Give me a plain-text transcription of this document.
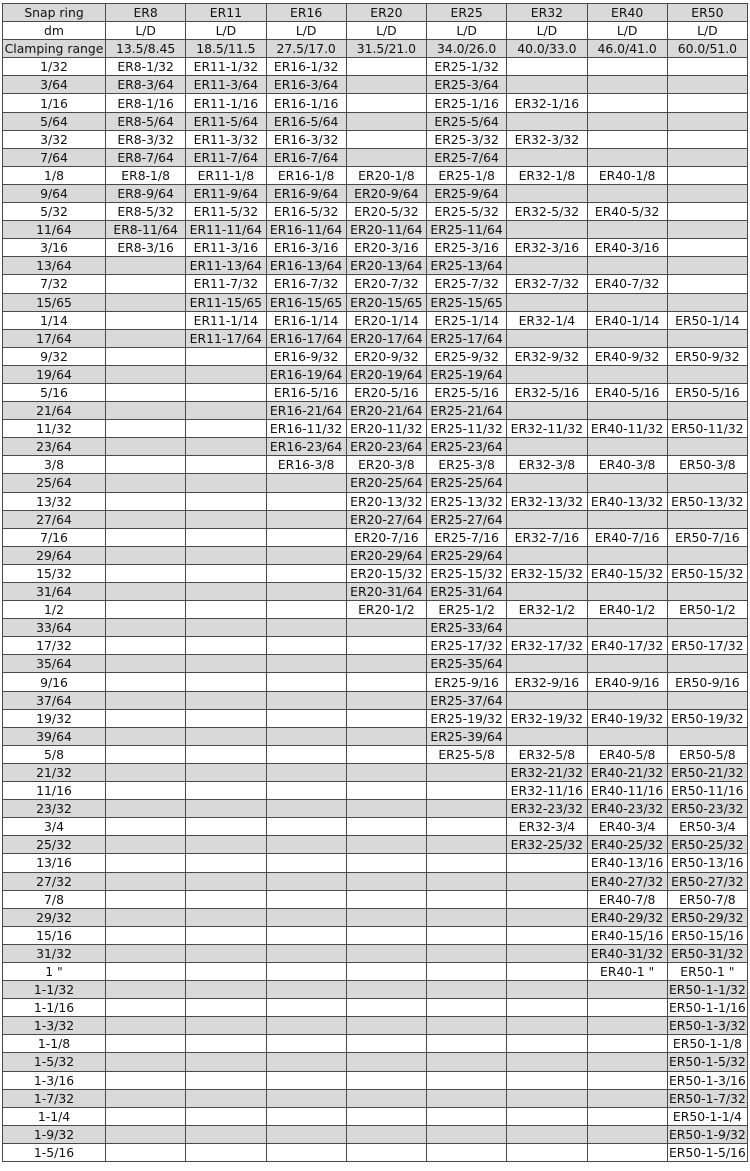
Snap ring	ER8	ER11	ER16	ER20	ER25	ER32	ER40	ER50
dm	L/D	L/D	L/D	L/D	L/D	L/D	L/D	L/D
Clamping range	13.5/8.45	18.5/11.5	27.5/17.0	31.5/21.0	34.0/26.0	40.0/33.0	46.0/41.0	60.0/51.0
1/32	ER8-1/32	ER11-1/32	ER16-1/32		ER25-1/32			
3/64	ER8-3/64	ER11-3/64	ER16-3/64		ER25-3/64			
1/16	ER8-1/16	ER11-1/16	ER16-1/16		ER25-1/16	ER32-1/16		
5/64	ER8-5/64	ER11-5/64	ER16-5/64		ER25-5/64			
3/32	ER8-3/32	ER11-3/32	ER16-3/32		ER25-3/32	ER32-3/32		
7/64	ER8-7/64	ER11-7/64	ER16-7/64		ER25-7/64			
1/8	ER8-1/8	ER11-1/8	ER16-1/8	ER20-1/8	ER25-1/8	ER32-1/8	ER40-1/8	
9/64	ER8-9/64	ER11-9/64	ER16-9/64	ER20-9/64	ER25-9/64			
5/32	ER8-5/32	ER11-5/32	ER16-5/32	ER20-5/32	ER25-5/32	ER32-5/32	ER40-5/32	
11/64	ER8-11/64	ER11-11/64	ER16-11/64	ER20-11/64	ER25-11/64			
3/16	ER8-3/16	ER11-3/16	ER16-3/16	ER20-3/16	ER25-3/16	ER32-3/16	ER40-3/16	
13/64		ER11-13/64	ER16-13/64	ER20-13/64	ER25-13/64			
7/32		ER11-7/32	ER16-7/32	ER20-7/32	ER25-7/32	ER32-7/32	ER40-7/32	
15/65		ER11-15/65	ER16-15/65	ER20-15/65	ER25-15/65			
1/14		ER11-1/14	ER16-1/14	ER20-1/14	ER25-1/14	ER32-1/4	ER40-1/14	ER50-1/14
17/64		ER11-17/64	ER16-17/64	ER20-17/64	ER25-17/64			
9/32			ER16-9/32	ER20-9/32	ER25-9/32	ER32-9/32	ER40-9/32	ER50-9/32
19/64			ER16-19/64	ER20-19/64	ER25-19/64			
5/16			ER16-5/16	ER20-5/16	ER25-5/16	ER32-5/16	ER40-5/16	ER50-5/16
21/64			ER16-21/64	ER20-21/64	ER25-21/64			
11/32			ER16-11/32	ER20-11/32	ER25-11/32	ER32-11/32	ER40-11/32	ER50-11/32
23/64			ER16-23/64	ER20-23/64	ER25-23/64			
3/8			ER16-3/8	ER20-3/8	ER25-3/8	ER32-3/8	ER40-3/8	ER50-3/8
25/64				ER20-25/64	ER25-25/64			
13/32				ER20-13/32	ER25-13/32	ER32-13/32	ER40-13/32	ER50-13/32
27/64				ER20-27/64	ER25-27/64			
7/16				ER20-7/16	ER25-7/16	ER32-7/16	ER40-7/16	ER50-7/16
29/64				ER20-29/64	ER25-29/64			
15/32				ER20-15/32	ER25-15/32	ER32-15/32	ER40-15/32	ER50-15/32
31/64				ER20-31/64	ER25-31/64			
1/2				ER20-1/2	ER25-1/2	ER32-1/2	ER40-1/2	ER50-1/2
33/64					ER25-33/64			
17/32					ER25-17/32	ER32-17/32	ER40-17/32	ER50-17/32
35/64					ER25-35/64			
9/16					ER25-9/16	ER32-9/16	ER40-9/16	ER50-9/16
37/64					ER25-37/64			
19/32					ER25-19/32	ER32-19/32	ER40-19/32	ER50-19/32
39/64					ER25-39/64			
5/8					ER25-5/8	ER32-5/8	ER40-5/8	ER50-5/8
21/32						ER32-21/32	ER40-21/32	ER50-21/32
11/16						ER32-11/16	ER40-11/16	ER50-11/16
23/32						ER32-23/32	ER40-23/32	ER50-23/32
3/4						ER32-3/4	ER40-3/4	ER50-3/4
25/32						ER32-25/32	ER40-25/32	ER50-25/32
13/16							ER40-13/16	ER50-13/16
27/32							ER40-27/32	ER50-27/32
7/8							ER40-7/8	ER50-7/8
29/32							ER40-29/32	ER50-29/32
15/16							ER40-15/16	ER50-15/16
31/32							ER40-31/32	ER50-31/32
1 "							ER40-1 "	ER50-1 "
1-1/32								ER50-1-1/32
1-1/16								ER50-1-1/16
1-3/32								ER50-1-3/32
1-1/8								ER50-1-1/8
1-5/32								ER50-1-5/32
1-3/16								ER50-1-3/16
1-7/32								ER50-1-7/32
1-1/4								ER50-1-1/4
1-9/32								ER50-1-9/32
1-5/16								ER50-1-5/16
